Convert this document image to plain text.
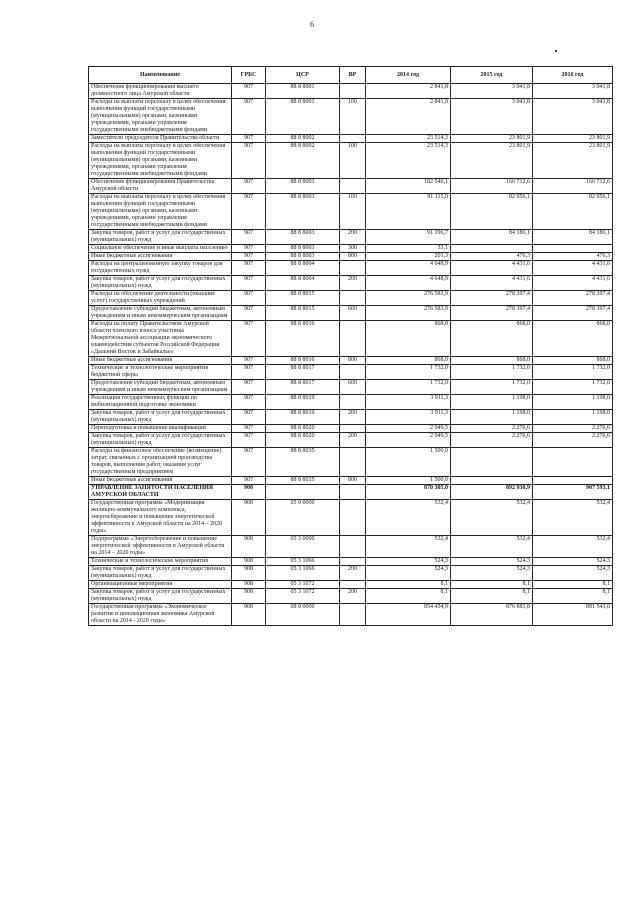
6
Наименование	ГРБС	ЦСР	ВР	2014 год	2015 год	2016 год
Обеспечение функционирования высшего должностного лица Амурской области	907	88 8 8001		2 841,8	3 041,8	3 041,8
Расходы на выплаты персоналу в целях обеспечения выполнения функций государственными (муниципальными) органами, казенными учреждениями, органами управления государственными внебюджетными фондами	907	88 8 8001	100	2 841,8	3 041,8	3 041,8
Заместители председателя Правительства области	907	88 8 8002		23 514,3	23 801,9	23 801,9
Расходы на выплаты персоналу в целях обеспечения выполнения функций государственными (муниципальными) органами, казенными учреждениями, органами управления государственными внебюджетными фондами	907	88 8 8002	100	23 514,3	23 801,9	23 801,9
Обеспечение функционирования Правительства Амурской области	907	88 8 8003		182 546,1	166 712,6	166 712,6
Расходы на выплаты персоналу в целях обеспечения выполнения функций государственными (муниципальными) органами, казенными учреждениями, органами управления государственными внебюджетными фондами	907	88 8 8003	100	91 115,0	82 056,1	82 056,1
Закупка товаров, работ и услуг для государственных (муниципальных) нужд	907	88 8 8003	200	91 196,7	84 180,1	84 180,1
Социальное обеспечение и иные выплаты населению	907	88 8 8003	300	33,1		
Иные бюджетные ассигнования	907	88 8 8003	800	201,3	476,3	476,3
Расходы на централизованную закупку товаров для государственных нужд	907	88 8 8004		4 648,9	4 431,6	4 431,6
Закупка товаров, работ и услуг для государственных (муниципальных) нужд	907	88 8 8004	200	4 648,9	4 431,6	4 431,6
Расходы на обеспечение деятельности (оказание услуг) государственных учреждений	907	88 8 8015		276 583,9	278 397,4	278 397,4
Предоставление субсидий бюджетным, автономным учреждениям и иным некоммерческим организациям	907	88 8 8015	600	276 583,9	278 397,4	278 397,4
Расходы на оплату Правительством Амурской области членского взноса участника Межрегиональной ассоциации экономического взаимодействия субъектов Российской Федерации «Дальний Восток и Забайкалье»	907	88 8 8016		868,0	868,0	868,0
Иные бюджетные ассигнования	907	88 8 8016	800	868,0	868,0	868,0
Технические и технологические мероприятия бюджетной сферы	907	88 8 8017		1 732,0	1 732,0	1 732,0
Предоставление субсидий бюджетным, автономным учреждениям и иным некоммерческим организациям	907	88 8 8017	600	1 732,0	1 732,0	1 732,0
Реализация государственных функций по мобилизационной подготовке экономики	907	88 8 8019		3 911,3	1 198,0	1 198,0
Закупка товаров, работ и услуг для государственных (муниципальных) нужд	907	88 8 8019	200	3 911,3	1 198,0	1 198,0
Переподготовка и повышение квалификации	907	88 8 8020		2 049,5	2 276,6	2 276,6
Закупка товаров, работ и услуг для государственных (муниципальных) нужд	907	88 8 8020	200	2 049,5	2 276,6	2 276,6
Расходы на финансовое обеспечение (возмещение) затрат, связанных с организацией производства товаров, выполнения работ, оказания услуг государственным предприятием	907	88 8 8035		1 500,0		
Иные бюджетные ассигнования	907	88 8 8035	800	1 500,0		
УПРАВЛЕНИЕ ЗАНЯТОСТИ НАСЕЛЕНИЯ АМУРСКОЙ ОБЛАСТИ	908			870 305,0	892 938,9	907 593,1
Государственная программа «Модернизация жилищно-коммунального комплекса, энергосбережение и повышение энергетической эффективности в Амурской области на 2014 – 2020 годы»	908	05 0 0000		532,4	532,4	532,4
Подпрограмма «Энергосбережение и повышение энергетической эффективности в Амурской области на 2014 – 2020 годы»	908	05 3 0000		532,4	532,4	532,4
Технические и технологические мероприятия	908	05 3 1066		524,3	524,3	524,3
Закупка товаров, работ и услуг для государственных (муниципальных) нужд	908	05 3 1066	200	524,3	524,3	524,3
Организационные мероприятия	908	05 3 1072		8,1	8,1	8,1
Закупка товаров, работ и услуг для государственных (муниципальных) нужд	908	05 3 1072	200	8,1	8,1	8,1
Государственная программа «Экономическое развитие и инновационная экономика Амурской области на 2014 - 2020 годы»	908	08 0 0000		854 454,9	876 881,8	891 543,0
